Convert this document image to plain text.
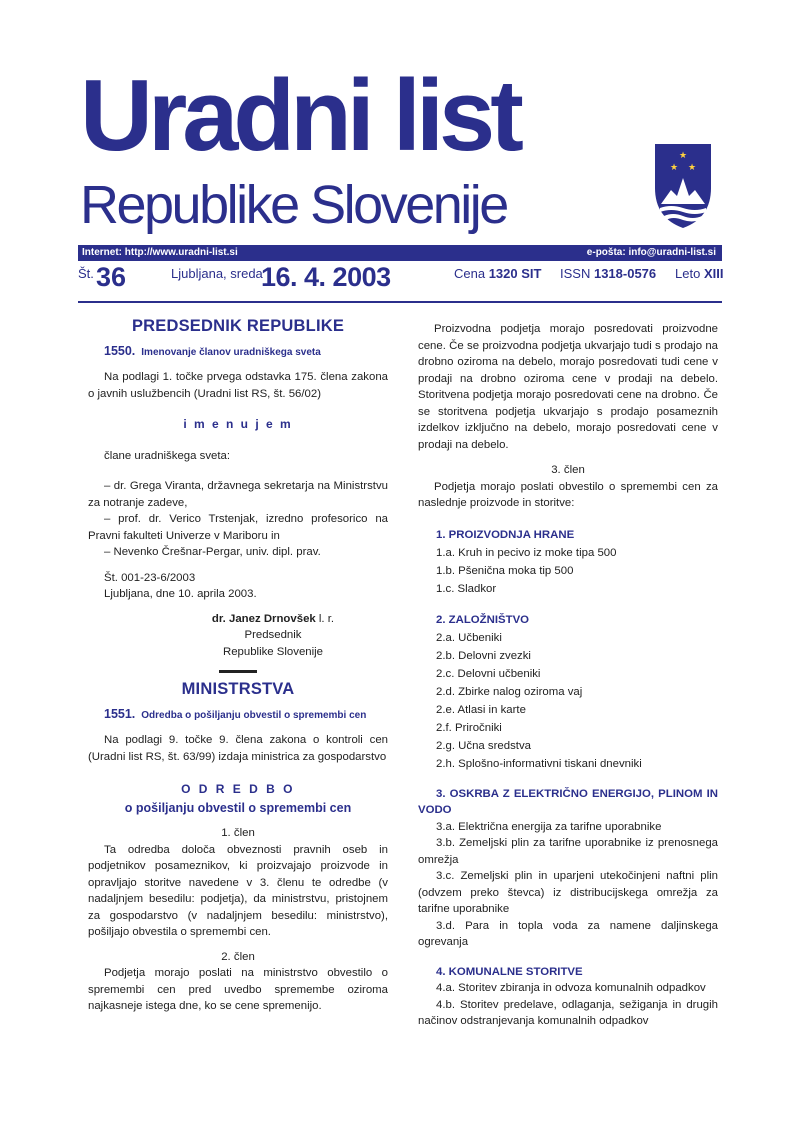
Uradni list
Republike Slovenije
★
★ ★
Internet: http://www.uradni-list.si	e-pošta: info@uradni-list.si
Št. 36	Ljubljana, sreda
16. 4. 2003	Cena 1320 SIT ISSN 1318-0576 Leto XIII
PREDSEDNIK REPUBLIKE
1550. Imenovanje članov uradniškega sveta

Na podlagi 1. točke prvega odstavka 175. člena zakona o javnih uslužbencih (Uradni list RS, št. 56/02)

i m e n u j e m

člane uradniškega sveta:

– dr. Grega Viranta, državnega sekretarja na Ministrstvu za notranje zadeve,

– prof. dr. Verico Trstenjak, izredno profesorico na Pravni fakulteti Univerze v Mariboru in

– Nevenko Črešnar-Pergar, univ. dipl. prav.

Št. 001-23-6/2003

Ljubljana, dne 10. aprila 2003.

dr. Janez Drnovšek l. r.
Predsednik
Republike Slovenije
MINISTRSTVA
1551. Odredba o pošiljanju obvestil o spremembi cen

Na podlagi 9. točke 9. člena zakona o kontroli cen (Uradni list RS, št. 63/99) izdaja ministrica za gospodarstvo

O D R E D B O
o pošiljanju obvestil o spremembi cen
1. člen

Ta odredba določa obveznosti pravnih oseb in podjetnikov posameznikov, ki proizvajajo proizvode in opravljajo storitve navedene v 3. členu te odredbe (v nadaljnjem besedilu: podjetja), da ministrstvu, pristojnem za gospodarstvo (v nadaljnjem besedilu: ministrstvo), pošiljajo obvestila o spremembi cen.

2. člen

Podjetja morajo poslati na ministrstvo obvestilo o spremembi cen pred uvedbo spremembe oziroma najkasneje istega dne, ko se cene spremenijo.

Proizvodna podjetja morajo posredovati proizvodne cene. Če se proizvodna podjetja ukvarjajo tudi s prodajo na drobno oziroma na debelo, morajo posredovati tudi cene v prodaji na drobno oziroma cene v prodaji na debelo. Storitvena podjetja morajo posredovati cene na drobno. Če se storitvena podjetja ukvarjajo s prodajo posameznih izdelkov izključno na debelo, morajo posredovati cene v prodaji na debelo.

3. člen

Podjetja morajo poslati obvestilo o spremembi cen za naslednje proizvode in storitve:

1. PROIZVODNJA HRANE
1.a. Kruh in pecivo iz moke tipa 500
1.b. Pšenična moka tip 500
1.c. Sladkor
2. ZALOŽNIŠTVO
2.a. Učbeniki
2.b. Delovni zvezki
2.c. Delovni učbeniki
2.d. Zbirke nalog oziroma vaj
2.e. Atlasi in karte
2.f. Priročniki
2.g. Učna sredstva
2.h. Splošno-informativni tiskani dnevniki

3. OSKRBA Z ELEKTRIČNO ENERGIJO, PLINOM IN VODO

3.a. Električna energija za tarifne uporabnike

3.b. Zemeljski plin za tarifne uporabnike iz prenosnega omrežja

3.c. Zemeljski plin in uparjeni utekočinjeni naftni plin (odvzem preko števca) iz distribucijskega omrežja za tarifne uporabnike

3.d. Para in topla voda za namene daljinskega ogrevanja

4. KOMUNALNE STORITVE

4.a. Storitev zbiranja in odvoza komunalnih odpadkov

4.b. Storitev predelave, odlaganja, sežiganja in drugih načinov odstranjevanja komunalnih odpadkov
